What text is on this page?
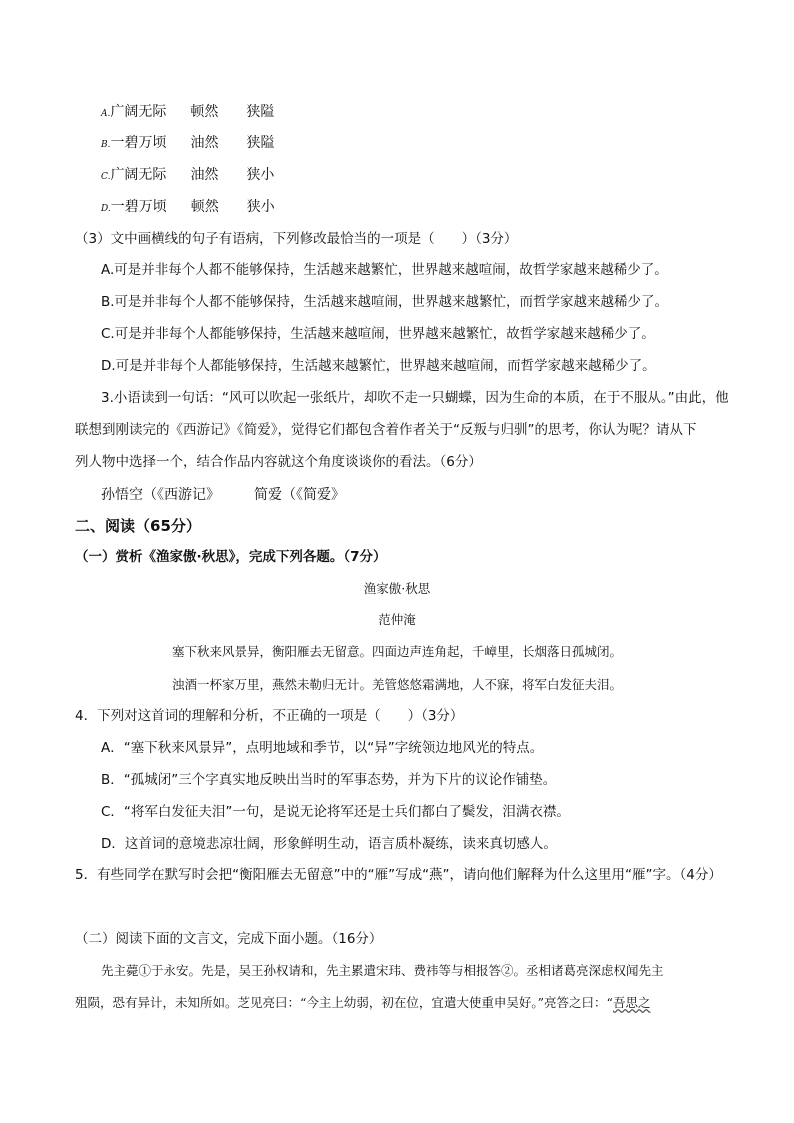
A.广阔无际 顿然 狭隘
B.一碧万顷 油然 狭隘
C.广阔无际 油然 狭小
D.一碧万顷 顿然 狭小
（3）文中画横线的句子有语病，下列修改最恰当的一项是（　　）（3分）
A.可是并非每个人都不能够保持，生活越来越繁忙，世界越来越喧闹，故哲学家越来越稀少了。
B.可是并非每个人都不能够保持，生活越来越喧闹，世界越来越繁忙，而哲学家越来越稀少了。
C.可是并非每个人都能够保持，生活越来越喧闹，世界越来越繁忙，故哲学家越来越稀少了。
D.可是并非每个人都能够保持，生活越来越繁忙，世界越来越喧闹，而哲学家越来越稀少了。
3.小语读到一句话：“风可以吹起一张纸片，却吹不走一只蝴蝶，因为生命的本质，在于不服从。”由此，他
联想到刚读完的《西游记》《简爱》，觉得它们都包含着作者关于“反叛与归驯”的思考，你认为呢？请从下
列人物中选择一个，结合作品内容就这个角度谈谈你的看法。（6分）
孙悟空（《西游记》 简爱（《简爱》
二、阅读（65分）
（一）赏析《渔家傲·秋思》，完成下列各题。（7分）
渔家傲·秋思
范仲淹
塞下秋来风景异，衡阳雁去无留意。四面边声连角起，千嶂里，长烟落日孤城闭。
浊酒一杯家万里，燕然未勒归无计。羌管悠悠霜满地，人不寐，将军白发征夫泪。
4．下列对这首词的理解和分析，不正确的一项是（　　）（3分）
A．“塞下秋来风景异”，点明地域和季节，以“异”字统领边地风光的特点。
B．“孤城闭”三个字真实地反映出当时的军事态势，并为下片的议论作铺垫。
C．“将军白发征夫泪”一句，是说无论将军还是士兵们都白了鬓发，泪满衣襟。
D．这首词的意境悲凉壮阔，形象鲜明生动，语言质朴凝练，读来真切感人。
5．有些同学在默写时会把“衡阳雁去无留意”中的“雁”写成“燕”，请向他们解释为什么这里用“雁”字。（4分）
（二）阅读下面的文言文，完成下面小题。（16分）
先主薨①于永安。先是，吴王孙权请和，先主累遣宋玮、费祎等与相报答②。丞相诸葛亮深虑权闻先主
殂陨，恐有异计，未知所如。芝见亮曰：“今主上幼弱，初在位，宜遣大使重申吴好。”亮答之曰：“吾思之
